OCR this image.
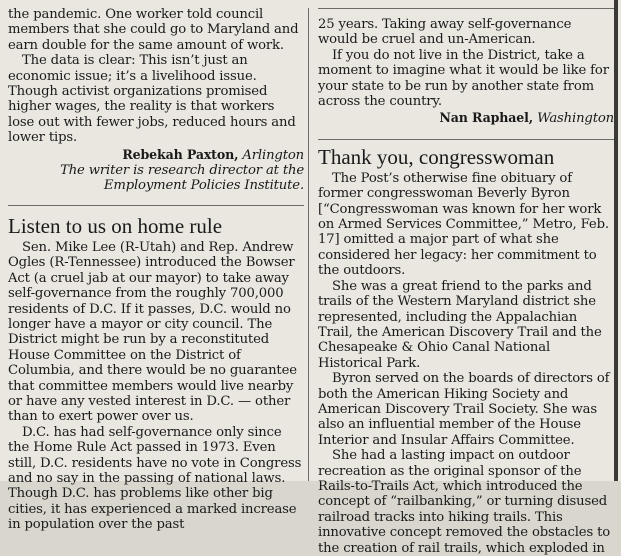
the pandemic. One worker told council members that she could go to Maryland and earn double for the same amount of work.

The data is clear: This isn’t just an economic issue; it’s a livelihood issue. Though activist organizations promised higher wages, the reality is that workers lose out with fewer jobs, reduced hours and lower tips.

Rebekah Paxton, Arlington
The writer is research director at the Employment Policies Institute.
Listen to us on home rule

Sen. Mike Lee (R-Utah) and Rep. Andrew Ogles (R-Tennessee) introduced the Bowser Act (a cruel jab at our mayor) to take away self-governance from the roughly 700,000 residents of D.C. If it passes, D.C. would no longer have a mayor or city council. The District might be run by a reconstituted House Committee on the District of Columbia, and there would be no guarantee that committee members would live nearby or have any vested interest in D.C. — other than to exert power over us.

D.C. has had self-governance only since the Home Rule Act passed in 1973. Even still, D.C. residents have no vote in Congress and no say in the passing of national laws. Though D.C. has problems like other big cities, it has experienced a marked increase in population over the past

25 years. Taking away self-governance would be cruel and un-American.

If you do not live in the District, take a moment to imagine what it would be like for your state to be run by another state from across the country.

Nan Raphael, Washington
Thank you, congresswoman

The Post’s otherwise fine obituary of former congresswoman Beverly Byron [“Congresswoman was known for her work on Armed Services Committee,” Metro, Feb. 17] omitted a major part of what she considered her legacy: her commitment to the outdoors.

She was a great friend to the parks and trails of the Western Maryland district she represented, including the Appalachian Trail, the American Discovery Trail and the Chesapeake & Ohio Canal National Historical Park.

Byron served on the boards of directors of both the American Hiking Society and American Discovery Trail Society. She was also an influential member of the House Interior and Insular Affairs Committee.

She had a lasting impact on outdoor recreation as the original sponsor of the Rails-to-Trails Act, which introduced the concept of “railbanking,” or turning disused railroad tracks into hiking trails. This innovative concept removed the obstacles to the creation of rail trails, which exploded in
